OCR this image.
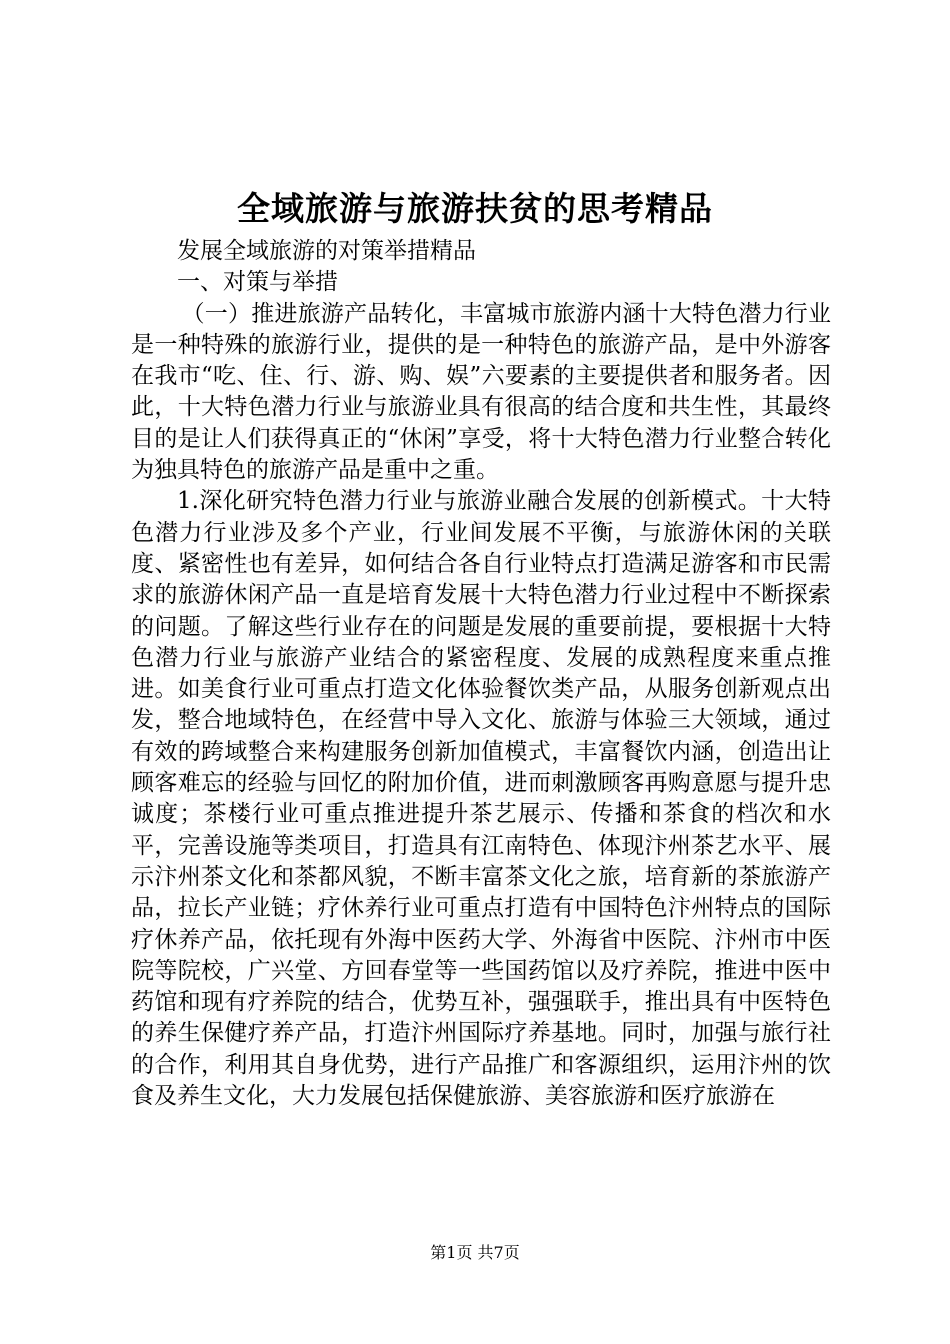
全域旅游与旅游扶贫的思考精品

发展全域旅游的对策举措精品

一、对策与举措

（一）推进旅游产品转化，丰富城市旅游内涵十大特色潜力行业是一种特殊的旅游行业，提供的是一种特色的旅游产品，是中外游客在我市“吃、住、行、游、购、娱”六要素的主要提供者和服务者。因此，十大特色潜力行业与旅游业具有很高的结合度和共生性，其最终目的是让人们获得真正的“休闲”享受，将十大特色潜力行业整合转化为独具特色的旅游产品是重中之重。

1.深化研究特色潜力行业与旅游业融合发展的创新模式。十大特色潜力行业涉及多个产业，行业间发展不平衡，与旅游休闲的关联度、紧密性也有差异，如何结合各自行业特点打造满足游客和市民需求的旅游休闲产品一直是培育发展十大特色潜力行业过程中不断探索的问题。了解这些行业存在的问题是发展的重要前提，要根据十大特色潜力行业与旅游产业结合的紧密程度、发展的成熟程度来重点推进。如美食行业可重点打造文化体验餐饮类产品，从服务创新观点出发，整合地域特色，在经营中导入文化、旅游与体验三大领域，通过有效的跨域整合来构建服务创新加值模式，丰富餐饮内涵，创造出让顾客难忘的经验与回忆的附加价值，进而刺激顾客再购意愿与提升忠诚度；茶楼行业可重点推进提升茶艺展示、传播和茶食的档次和水平，完善设施等类项目，打造具有江南特色、体现汴州茶艺水平、展示汴州茶文化和茶都风貌，不断丰富茶文化之旅，培育新的茶旅游产品，拉长产业链；疗休养行业可重点打造有中国特色汴州特点的国际疗休养产品，依托现有外海中医药大学、外海省中医院、汴州市中医院等院校，广兴堂、方回春堂等一些国药馆以及疗养院，推进中医中药馆和现有疗养院的结合，优势互补，强强联手，推出具有中医特色的养生保健疗养产品，打造汴州国际疗养基地。同时，加强与旅行社的合作，利用其自身优势，进行产品推广和客源组织，运用汴州的饮食及养生文化，大力发展包括保健旅游、美容旅游和医疗旅游在

第1页 共7页
